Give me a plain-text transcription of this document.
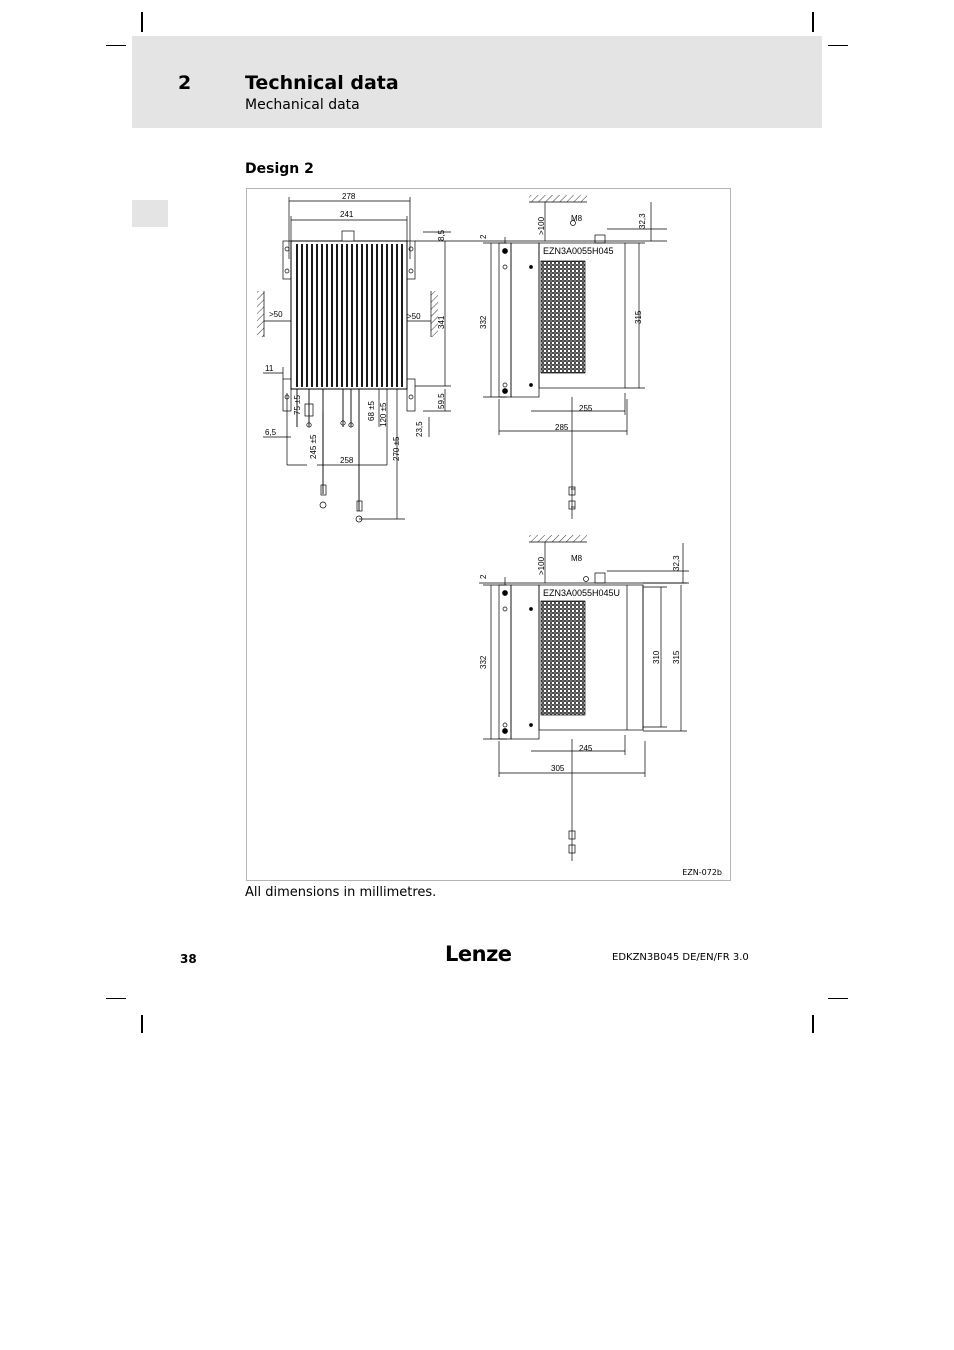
2	Technical data
Mechanical data
Design 2
278
241
8,5
341
>50	>50
59,5
23,5
11
75 ±5	68 ±5 120 ±5
245 ±5	270 ±5
6,5
258
EZN3A0055H045
>100	M8	32,3
2
332	315
255
285
EZN3A0055H045U
>100	M8	32,3
2
332	310 315
245
305
EZN-072b
All dimensions in millimetres.
38	Lenze	EDKZN3B045 DE/EN/FR 3.0
